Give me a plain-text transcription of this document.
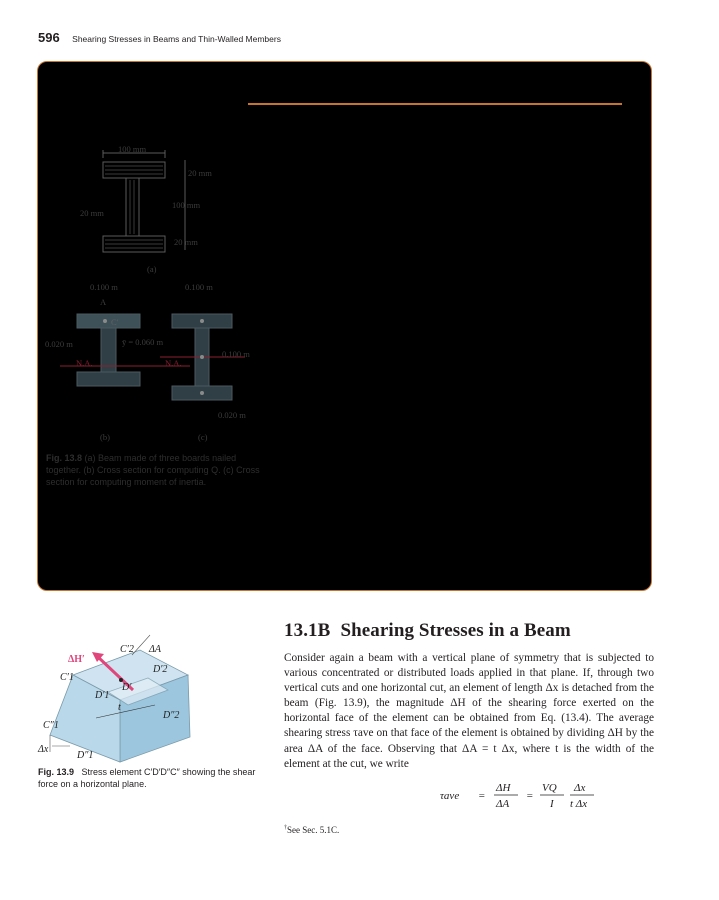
596 Shearing Stresses in Beams and Thin-Walled Members
100 mm
20 mm
100 mm
20 mm
20 mm
(a)
0.100 m
A
C'
0.020 m	ȳ = 0.060 m
N.A.
(b)
0.100 m
N.A.
0.100 m
0.020 m
(c)
Fig. 13.8 (a) Beam made of three boards nailed together. (b) Cross section for computing Q. (c) Cross section for computing moment of inertia.
ΔH′
ΔA
C′2
C′1
D′2
D′
D′1
C″1
D″2
t
Δx
D″1
Fig. 13.9 Stress element C′D′D″C″ showing the shear force on a horizontal plane.
13.1B Shearing Stresses in a Beam
Consider again a beam with a vertical plane of symmetry that is subjected to various concentrated or distributed loads applied in that plane. If, through two vertical cuts and one horizontal cut, an element of length Δx is detached from the beam (Fig. 13.9), the magnitude ΔH of the shearing force exerted on the horizontal face of the element can be obtained from Eq. (13.4). The average shearing stress τave on that face of the element is obtained by dividing ΔH by the area ΔA of the face. Observing that ΔA = t Δx, where t is the width of the element at the cut, we write
τave =
ΔH
ΔA
=
VQ
I
Δx
t Δx
†See Sec. 5.1C.
